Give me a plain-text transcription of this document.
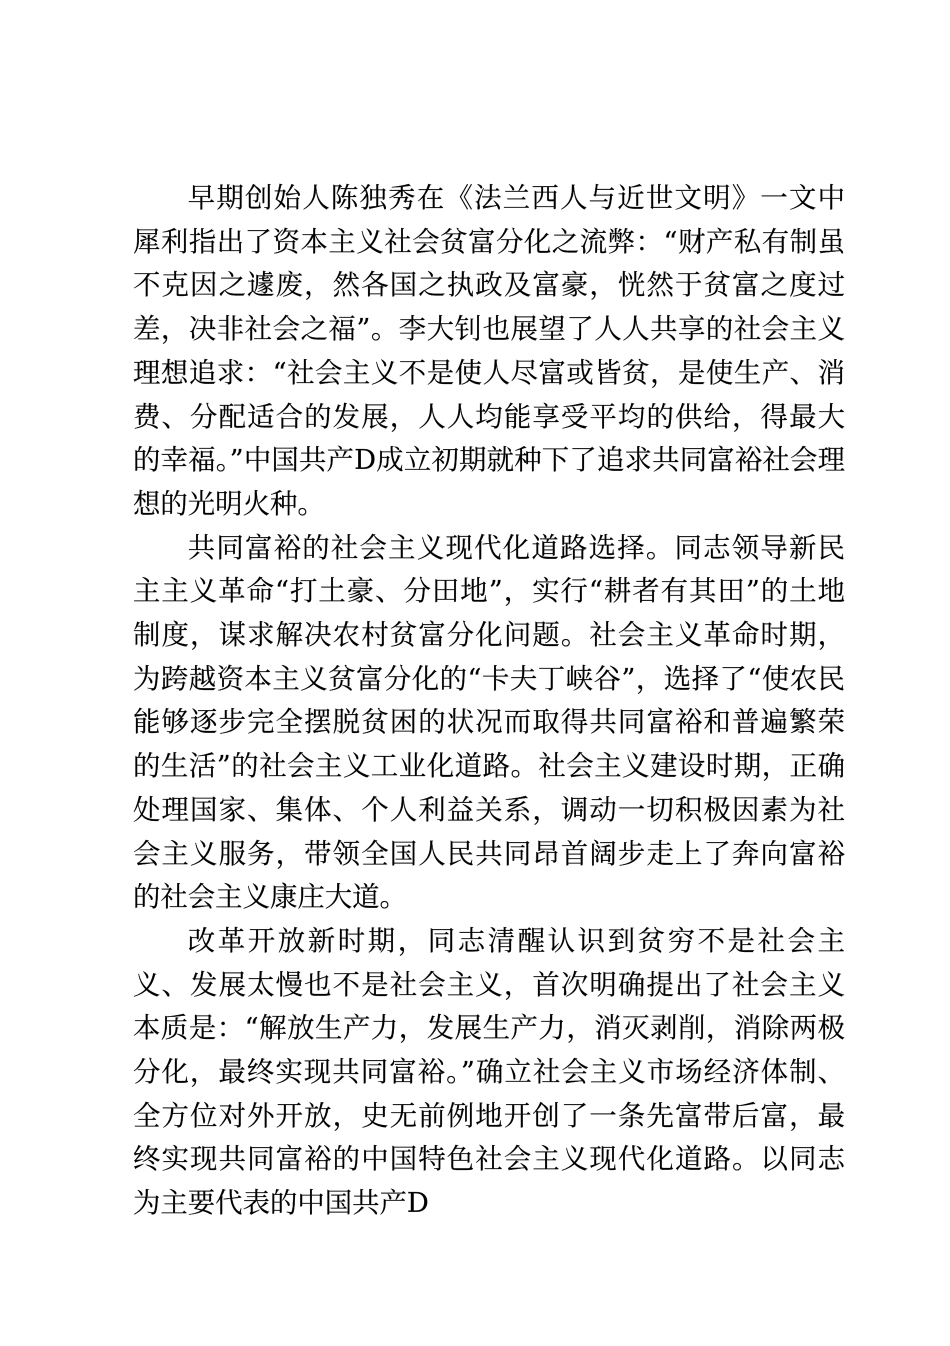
早期创始人陈独秀在《法兰西人与近世文明》一文中犀利指出了资本主义社会贫富分化之流弊：“财产私有制虽不克因之遽废，然各国之执政及富豪，恍然于贫富之度过差，决非社会之福”。李大钊也展望了人人共享的社会主义理想追求：“社会主义不是使人尽富或皆贫，是使生产、消费、分配适合的发展，人人均能享受平均的供给，得最大的幸福。”中国共产D成立初期就种下了追求共同富裕社会理想的光明火种。

共同富裕的社会主义现代化道路选择。同志领导新民主主义革命“打土豪、分田地”，实行“耕者有其田”的土地制度，谋求解决农村贫富分化问题。社会主义革命时期，为跨越资本主义贫富分化的“卡夫丁峡谷”，选择了“使农民能够逐步完全摆脱贫困的状况而取得共同富裕和普遍繁荣的生活”的社会主义工业化道路。社会主义建设时期，正确处理国家、集体、个人利益关系，调动一切积极因素为社会主义服务，带领全国人民共同昂首阔步走上了奔向富裕的社会主义康庄大道。

改革开放新时期，同志清醒认识到贫穷不是社会主义、发展太慢也不是社会主义，首次明确提出了社会主义本质是：“解放生产力，发展生产力，消灭剥削，消除两极分化，最终实现共同富裕。”确立社会主义市场经济体制、全方位对外开放，史无前例地开创了一条先富带后富，最终实现共同富裕的中国特色社会主义现代化道路。以同志为主要代表的中国共产D
